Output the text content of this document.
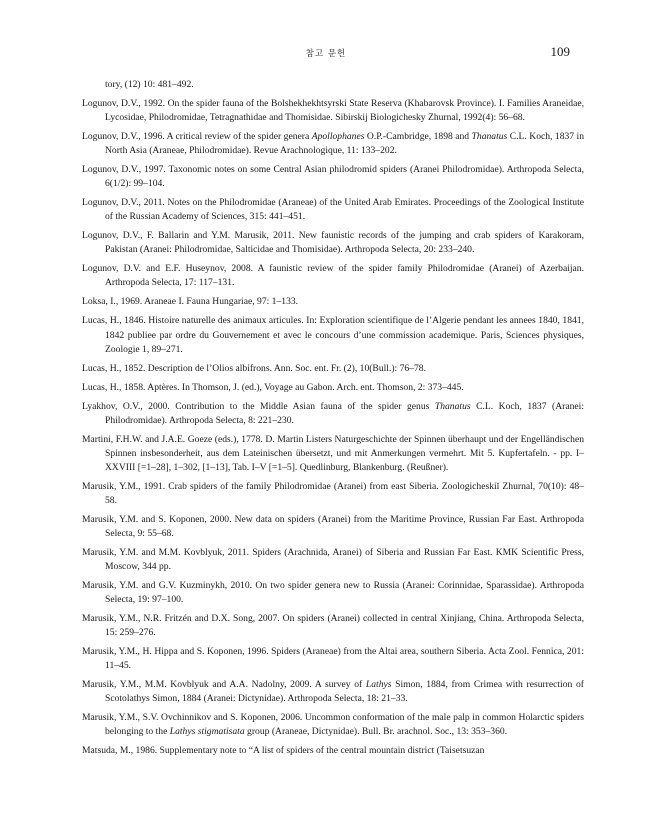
참고 문헌	109

tory, (12) 10: 481–492.

Logunov, D.V., 1992. On the spider fauna of the Bolshekhekhtsyrski State Reserva (Khabarovsk Province). I. Families Araneidae, Lycosidae, Philodromidae, Tetragnathidae and Thomisidae. Sibirskij Biologichesky Zhurnal, 1992(4): 56–68.

Logunov, D.V., 1996. A critical review of the spider genera Apollophanes O.P.-Cambridge, 1898 and Thanatus C.L. Koch, 1837 in North Asia (Araneae, Philodromidae). Revue Arachnologique, 11: 133–202.

Logunov, D.V., 1997. Taxonomic notes on some Central Asian philodromid spiders (Aranei Philodromidae). Arthropoda Selecta, 6(1/2): 99–104.

Logunov, D.V., 2011. Notes on the Philodromidae (Araneae) of the United Arab Emirates. Proceedings of the Zoological Institute of the Russian Academy of Sciences, 315: 441–451.

Logunov, D.V., F. Ballarin and Y.M. Marusik, 2011. New faunistic records of the jumping and crab spiders of Karakoram, Pakistan (Aranei: Philodromidae, Salticidae and Thomisidae). Arthropoda Selecta, 20: 233–240.

Logunov, D.V. and E.F. Huseynov, 2008. A faunistic review of the spider family Philodromidae (Aranei) of Azerbaijan. Arthropoda Selecta, 17: 117–131.

Loksa, I., 1969. Araneae I. Fauna Hungariae, 97: 1–133.

Lucas, H., 1846. Histoire naturelle des animaux articules. In: Exploration scientifique de l’Algerie pendant les annees 1840, 1841, 1842 publiee par ordre du Gouvernement et avec le concours d’une commission academique. Paris, Sciences physiques, Zoologie 1, 89–271.

Lucas, H., 1852. Description de l’Olios albifrons. Ann. Soc. ent. Fr. (2), 10(Bull.): 76–78.

Lucas, H., 1858. Aptères. In Thomson, J. (ed.), Voyage au Gabon. Arch. ent. Thomson, 2: 373–445.

Lyakhov, O.V., 2000. Contribution to the Middle Asian fauna of the spider genus Thanatus C.L. Koch, 1837 (Aranei: Philodromidae). Arthropoda Selecta, 8: 221–230.

Martini, F.H.W. and J.A.E. Goeze (eds.), 1778. D. Martin Listers Naturgeschichte der Spinnen überhaupt und der Engelländischen Spinnen insbesonderheit, aus dem Lateinischen übersetzt, und mit Anmerkungen vermehrt. Mit 5. Kupfertafeln. - pp. I–XXVIII [=1–28], 1–302, [1–13], Tab. I–V [=1–5]. Quedlinburg, Blankenburg. (Reußner).

Marusik, Y.M., 1991. Crab spiders of the family Philodromidae (Aranei) from east Siberia. Zoologicheskiĭ Zhurnal, 70(10): 48–58.

Marusik, Y.M. and S. Koponen, 2000. New data on spiders (Aranei) from the Maritime Province, Russian Far East. Arthropoda Selecta, 9: 55–68.

Marusik, Y.M. and M.M. Kovblyuk, 2011. Spiders (Arachnida, Aranei) of Siberia and Russian Far East. KMK Scientific Press, Moscow, 344 pp.

Marusik, Y.M. and G.V. Kuzminykh, 2010. On two spider genera new to Russia (Aranei: Corinnidae, Sparassidae). Arthropoda Selecta, 19: 97–100.

Marusik, Y.M., N.R. Fritzén and D.X. Song, 2007. On spiders (Aranei) collected in central Xinjiang, China. Arthropoda Selecta, 15: 259–276.

Marusik, Y.M., H. Hippa and S. Koponen, 1996. Spiders (Araneae) from the Altai area, southern Siberia. Acta Zool. Fennica, 201: 11–45.

Marusik, Y.M., M.M. Kovblyuk and A.A. Nadolny, 2009. A survey of Lathys Simon, 1884, from Crimea with resurrection of Scotolathys Simon, 1884 (Aranei: Dictynidae). Arthropoda Selecta, 18: 21–33.

Marusik, Y.M., S.V. Ovchinnikov and S. Koponen, 2006. Uncommon conformation of the male palp in common Holarctic spiders belonging to the Lathys stigmatisata group (Araneae, Dictynidae). Bull. Br. arachnol. Soc., 13: 353–360.

Matsuda, M., 1986. Supplementary note to “A list of spiders of the central mountain district (Taisetsuzan
